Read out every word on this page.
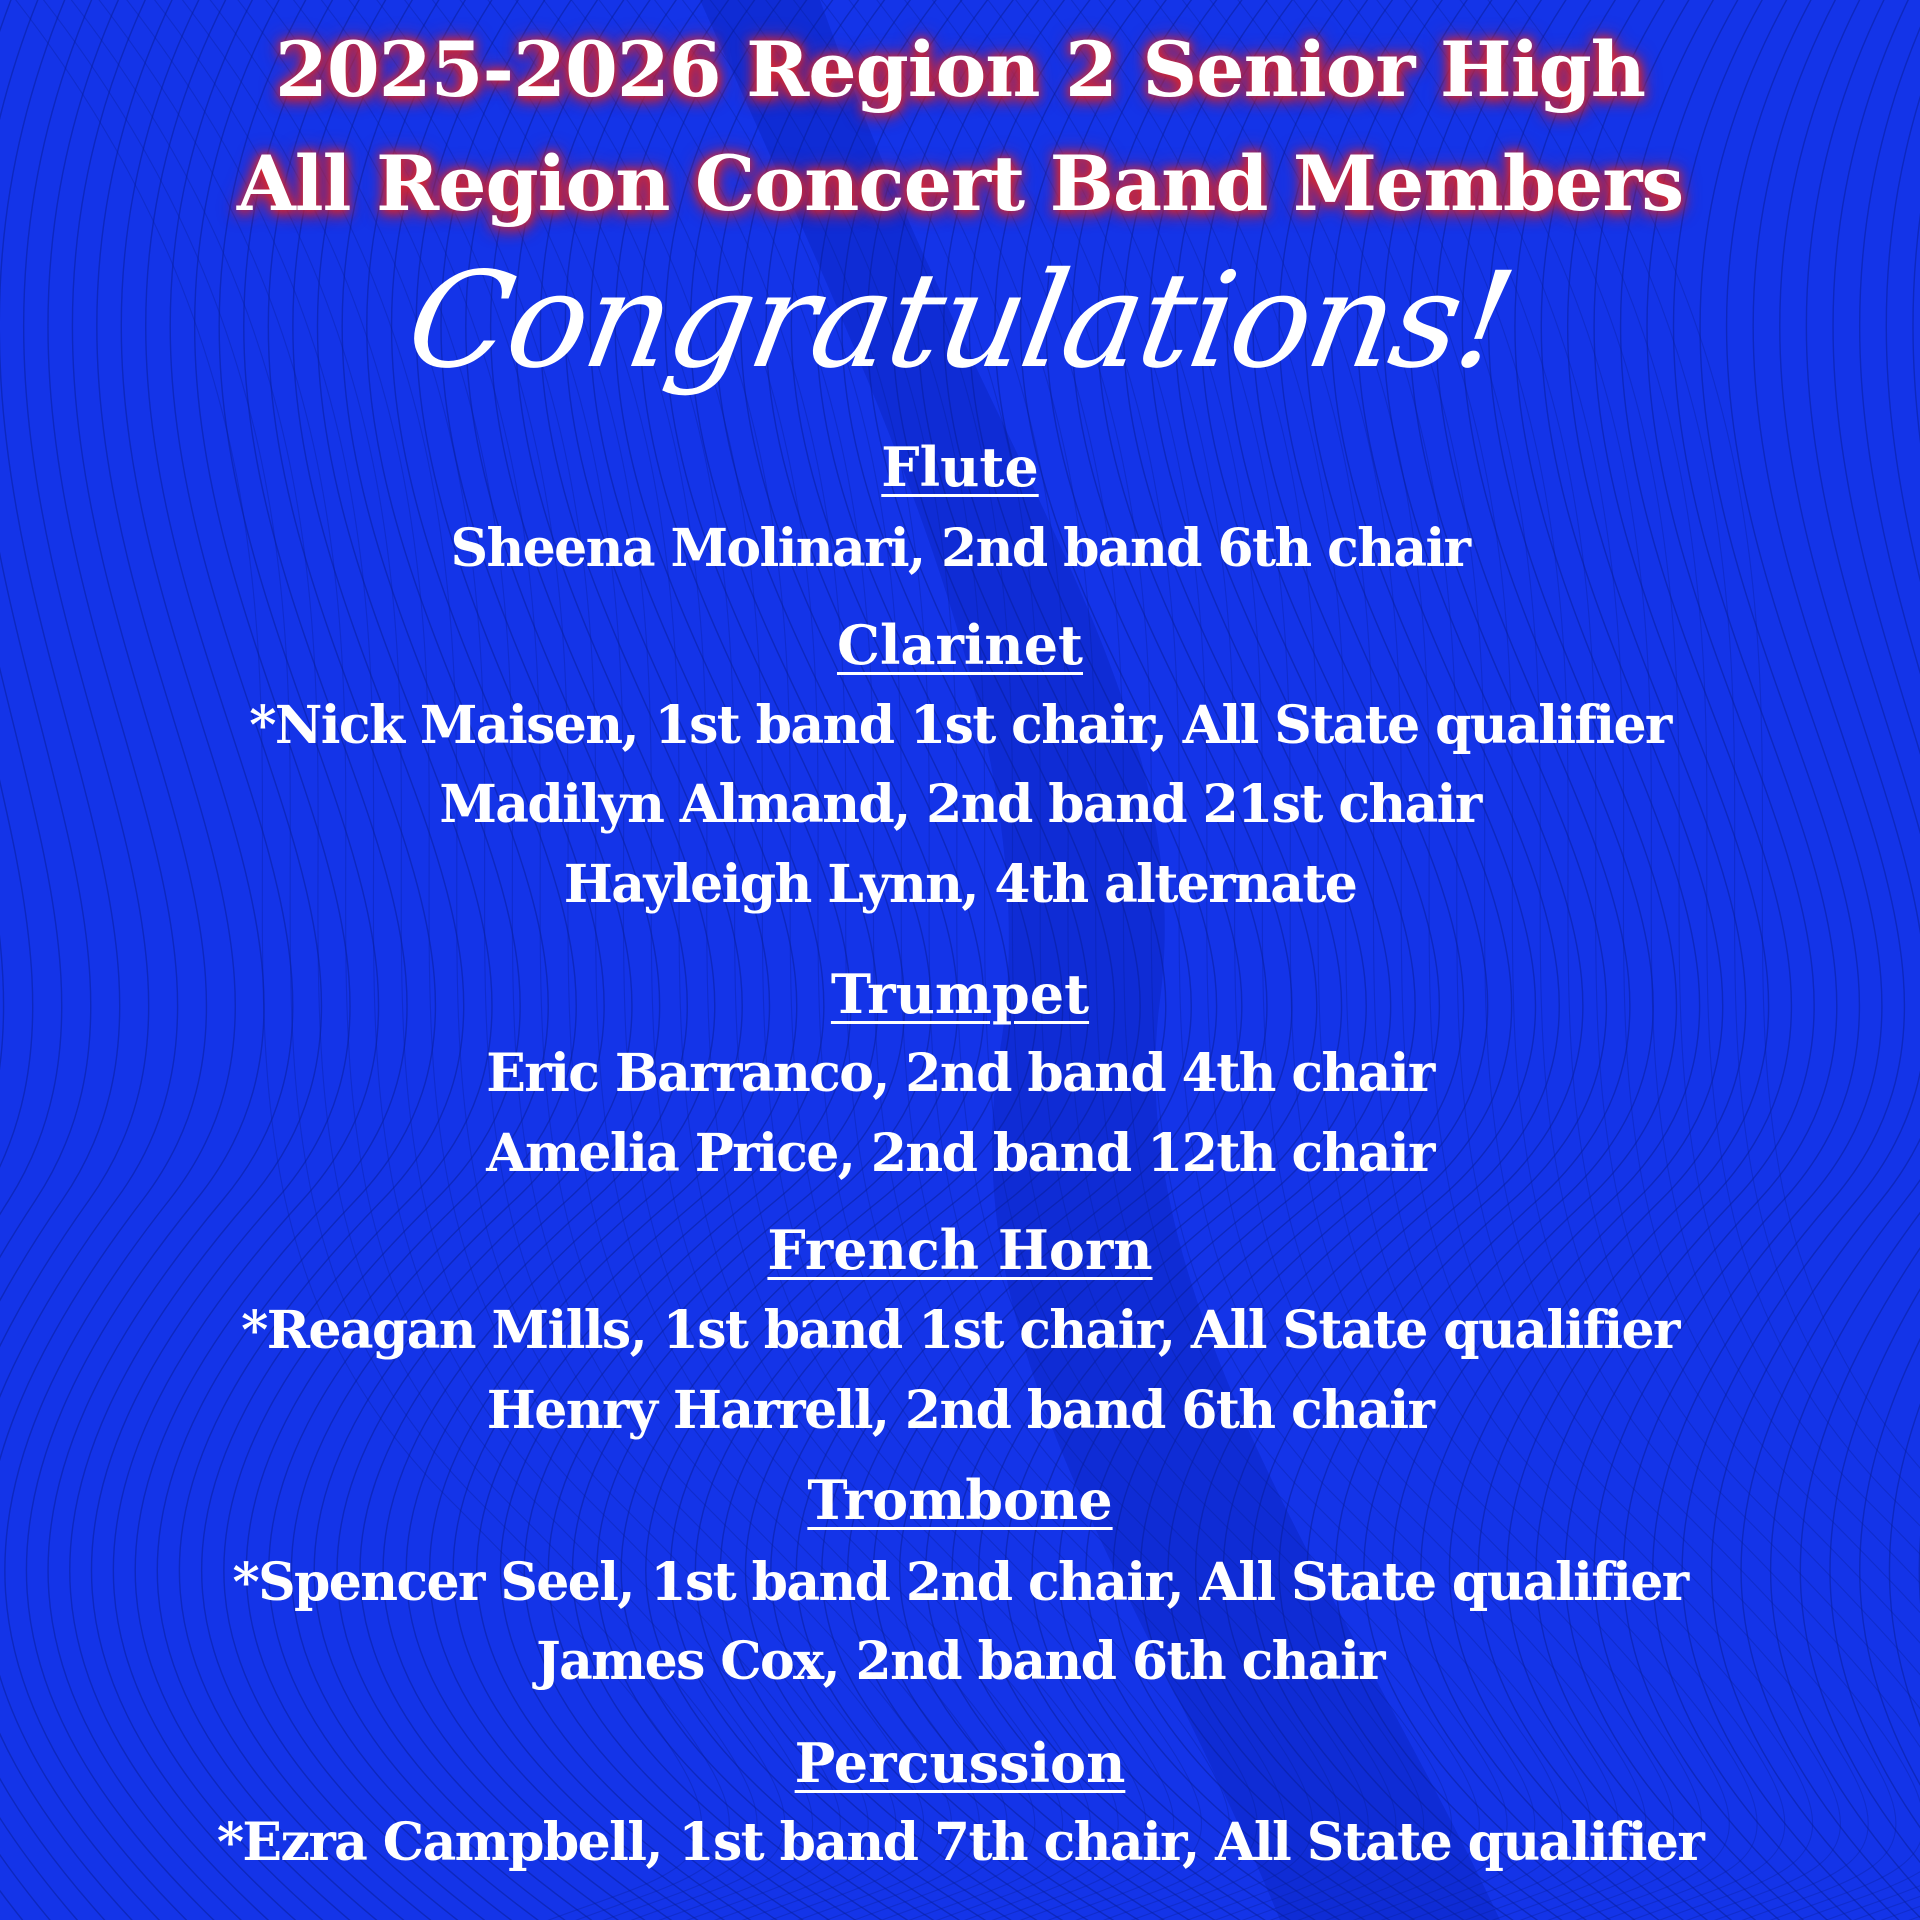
2025-2026 Region 2 Senior High
All Region Concert Band Members
Congratulations!
Flute
Sheena Molinari, 2nd band 6th chair
Clarinet
*Nick Maisen, 1st band 1st chair, All State qualifier
Madilyn Almand, 2nd band 21st chair
Hayleigh Lynn, 4th alternate
Trumpet
Eric Barranco, 2nd band 4th chair
Amelia Price, 2nd band 12th chair
French Horn
*Reagan Mills, 1st band 1st chair, All State qualifier
Henry Harrell, 2nd band 6th chair
Trombone
*Spencer Seel, 1st band 2nd chair, All State qualifier
James Cox, 2nd band 6th chair
Percussion
*Ezra Campbell, 1st band 7th chair, All State qualifier
